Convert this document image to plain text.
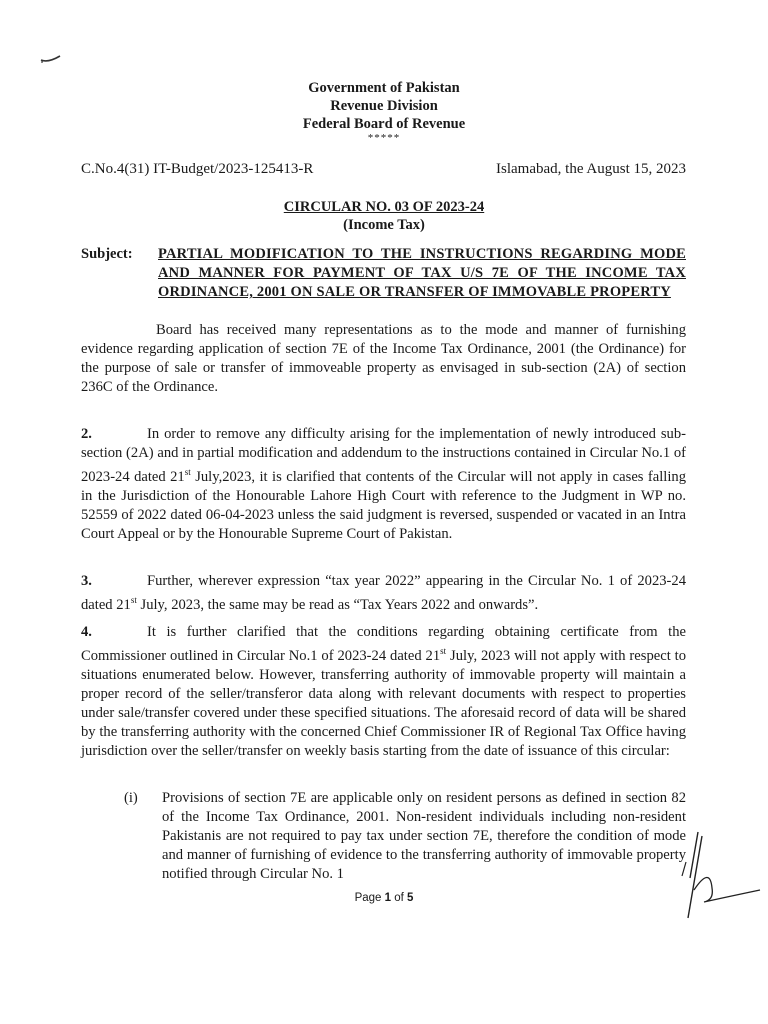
Government of Pakistan
Revenue Division
Federal Board of Revenue
*****
C.No.4(31) IT-Budget/2023-125413-R	Islamabad, the August 15, 2023
CIRCULAR NO. 03 OF 2023-24
(Income Tax)
Subject:	PARTIAL MODIFICATION TO THE INSTRUCTIONS REGARDING MODE AND MANNER FOR PAYMENT OF TAX U/S 7E OF THE INCOME TAX ORDINANCE, 2001 ON SALE OR TRANSFER OF IMMOVABLE PROPERTY
Board has received many representations as to the mode and manner of furnishing evidence regarding application of section 7E of the Income Tax Ordinance, 2001 (the Ordinance) for the purpose of sale or transfer of immoveable property as envisaged in sub-section (2A) of section 236C of the Ordinance.
2.	In order to remove any difficulty arising for the implementation of newly introduced sub-section (2A) and in partial modification and addendum to the instructions contained in Circular No.1 of 2023-24 dated 21st July,2023, it is clarified that contents of the Circular will not apply in cases falling in the Jurisdiction of the Honourable Lahore High Court with reference to the Judgment in WP no. 52559 of 2022 dated 06-04-2023 unless the said judgment is reversed, suspended or vacated in an Intra Court Appeal or by the Honourable Supreme Court of Pakistan.
3.	Further, wherever expression “tax year 2022” appearing in the Circular No. 1 of 2023-24 dated 21st July, 2023, the same may be read as “Tax Years 2022 and onwards”.
4.	It is further clarified that the conditions regarding obtaining certificate from the Commissioner outlined in Circular No.1 of 2023-24 dated 21st July, 2023 will not apply with respect to situations enumerated below. However, transferring authority of immovable property will maintain a proper record of the seller/transferor data along with relevant documents with respect to properties under sale/transfer covered under these specified situations. The aforesaid record of data will be shared by the transferring authority with the concerned Chief Commissioner IR of Regional Tax Office having jurisdiction over the seller/transfer on weekly basis starting from the date of issuance of this circular:
(i)	Provisions of section 7E are applicable only on resident persons as defined in section 82 of the Income Tax Ordinance, 2001. Non-resident individuals including non-resident Pakistanis are not required to pay tax under section 7E, therefore the condition of mode and manner of furnishing of evidence to the transferring authority of immovable property notified through Circular No. 1
Page 1 of 5
